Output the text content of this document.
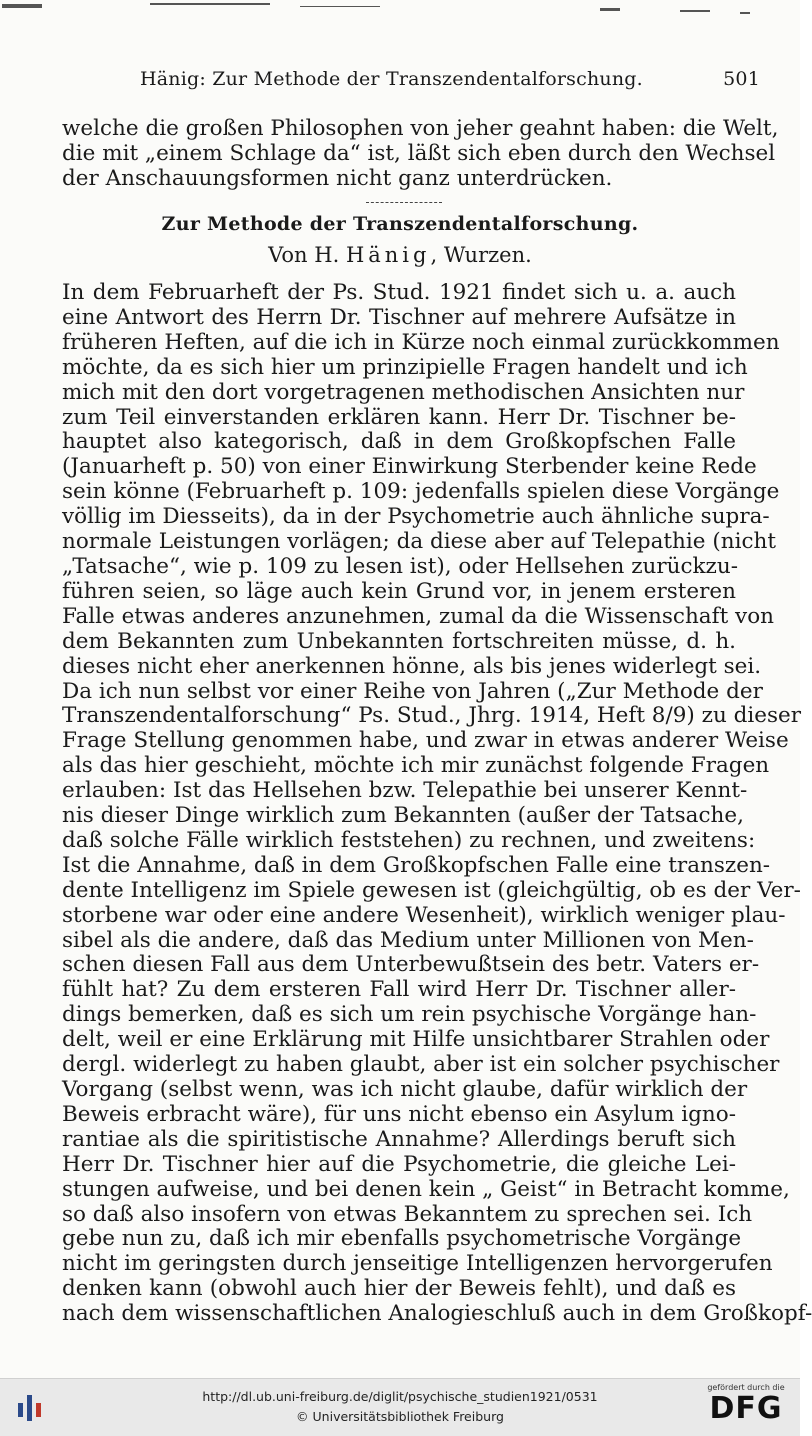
Hänig: Zur Methode der Transzendentalforschung.	501
welche die großen Philosophen von jeher geahnt haben: die Welt,
die mit „einem Schlage da“ ist, läßt sich eben durch den Wechsel
der Anschauungsformen nicht ganz unterdrücken.
Zur Methode der Transzendentalforschung.
Von H. Hänig, Wurzen.
In dem Februarheft der Ps. Stud. 1921 findet sich u. a. auch
eine Antwort des Herrn Dr. Tischner auf mehrere Aufsätze in
früheren Heften, auf die ich in Kürze noch einmal zurückkommen
möchte, da es sich hier um prinzipielle Fragen handelt und ich
mich mit den dort vorgetragenen methodischen Ansichten nur
zum Teil einverstanden erklären kann. Herr Dr. Tischner be-
hauptet also kategorisch, daß in dem Großkopfschen Falle
(Januarheft p. 50) von einer Einwirkung Sterbender keine Rede
sein könne (Februarheft p. 109: jedenfalls spielen diese Vorgänge
völlig im Diesseits), da in der Psychometrie auch ähnliche supra-
normale Leistungen vorlägen; da diese aber auf Telepathie (nicht
„Tatsache“, wie p. 109 zu lesen ist), oder Hellsehen zurückzu-
führen seien, so läge auch kein Grund vor, in jenem ersteren
Falle etwas anderes anzunehmen, zumal da die Wissenschaft von
dem Bekannten zum Unbekannten fortschreiten müsse, d. h.
dieses nicht eher anerkennen hönne, als bis jenes widerlegt sei.
Da ich nun selbst vor einer Reihe von Jahren („Zur Methode der
Transzendentalforschung“ Ps. Stud., Jhrg. 1914, Heft 8/9) zu dieser
Frage Stellung genommen habe, und zwar in etwas anderer Weise
als das hier geschieht, möchte ich mir zunächst folgende Fragen
erlauben: Ist das Hellsehen bzw. Telepathie bei unserer Kennt-
nis dieser Dinge wirklich zum Bekannten (außer der Tatsache,
daß solche Fälle wirklich feststehen) zu rechnen, und zweitens:
Ist die Annahme, daß in dem Großkopfschen Falle eine transzen-
dente Intelligenz im Spiele gewesen ist (gleichgültig, ob es der Ver-
storbene war oder eine andere Wesenheit), wirklich weniger plau-
sibel als die andere, daß das Medium unter Millionen von Men-
schen diesen Fall aus dem Unterbewußtsein des betr. Vaters er-
fühlt hat? Zu dem ersteren Fall wird Herr Dr. Tischner aller-
dings bemerken, daß es sich um rein psychische Vorgänge han-
delt, weil er eine Erklärung mit Hilfe unsichtbarer Strahlen oder
dergl. widerlegt zu haben glaubt, aber ist ein solcher psychischer
Vorgang (selbst wenn, was ich nicht glaube, dafür wirklich der
Beweis erbracht wäre), für uns nicht ebenso ein Asylum igno-
rantiae als die spiritistische Annahme? Allerdings beruft sich
Herr Dr. Tischner hier auf die Psychometrie, die gleiche Lei-
stungen aufweise, und bei denen kein „ Geist“ in Betracht komme,
so daß also insofern von etwas Bekanntem zu sprechen sei. Ich
gebe nun zu, daß ich mir ebenfalls psychometrische Vorgänge
nicht im geringsten durch jenseitige Intelligenzen hervorgerufen
denken kann (obwohl auch hier der Beweis fehlt), und daß es
nach dem wissenschaftlichen Analogieschluß auch in dem Großkopf-
http://dl.ub.uni-freiburg.de/diglit/psychische_studien1921/0531
© Universitätsbibliothek Freiburg
gefördert durch die
DFG
